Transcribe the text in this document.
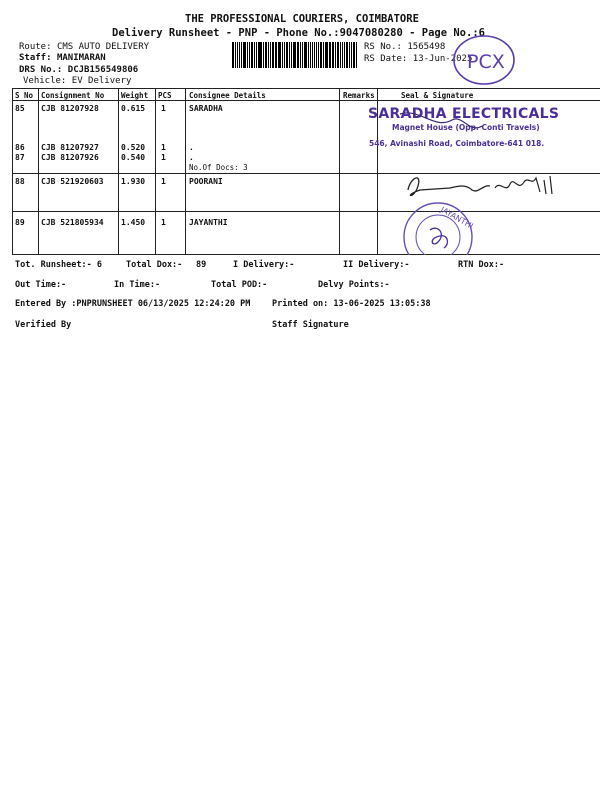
THE PROFESSIONAL COURIERS, COIMBATORE
Delivery Runsheet - PNP - Phone No.:9047080280 - Page No.:6
Route: CMS AUTO DELIVERY
Staff: MANIMARAN
DRS No.: DCJB156549806
Vehicle: EV Delivery
RS No.: 1565498
RS Date: 13-Jun-2025
PCX
S No Consignment No Weight PCS Consignee Details	Remarks	Seal & Signature
85 CJB 81207928	0.615 1	SARADHA
86 CJB 81207927	0.520 1	.
87 CJB 81207926	0.540 1	.
No.Of Docs: 3
88 CJB 521920603 1.930 1	POORANI
89 CJB 521805934 1.450 1	JAYANTHI
SARADHA ELECTRICALS
Magnet House (Opp. Conti Travels)
546, Avinashi Road, Coimbatore-641 018.
JAYANTHI
Tot. Runsheet:- 6	Total Dox:- 89	I Delivery:-	II Delivery:-	RTN Dox:-
Out Time:-	In Time:-	Total POD:-	Delvy Points:-
Entered By :PNPRUNSHEET 06/13/2025 12:24:20 PM	Printed on: 13-06-2025 13:05:38
Verified By	Staff Signature
